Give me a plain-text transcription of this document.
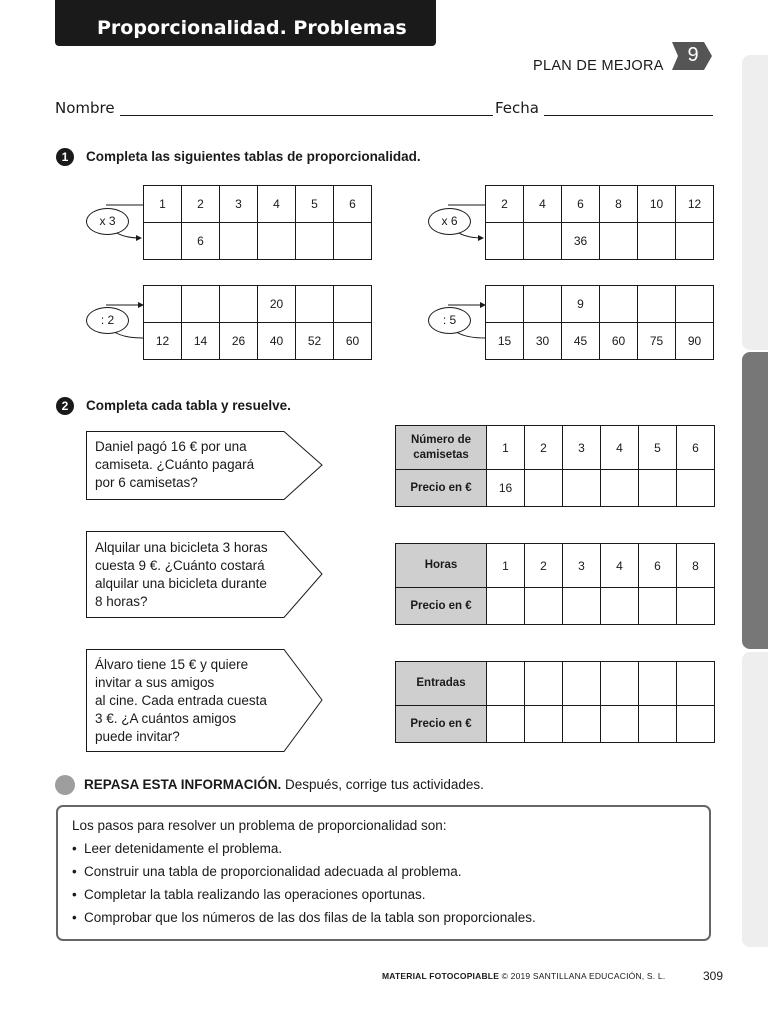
Proporcionalidad. Problemas
PLAN DE MEJORA	9
Nombre	Fecha
1	Completa las siguientes tablas de proporcionalidad.
x 3	x 6
: 2	: 5
1	2	3	4	5	6
	6				
2	4	6	8	10	12
		36			
			20		
12	14	26	40	52	60
		9			
15	30	45	60	75	90
2	Completa cada tabla y resuelve.
Daniel pagó 16 € por una
camiseta. ¿Cuánto pagará
por 6 camisetas?
Alquilar una bicicleta 3 horas
cuesta 9 €. ¿Cuánto costará
alquilar una bicicleta durante
8 horas?
Álvaro tiene 15 € y quiere
invitar a sus amigos
al cine. Cada entrada cuesta
3 €. ¿A cuántos amigos
puede invitar?
Número de
camisetas	1	2	3	4	5	6
Precio en €	16					
Horas	1	2	3	4	6	8
Precio en €						
Entradas						
Precio en €						
REPASA ESTA INFORMACIÓN. Después, corrige tus actividades.
Los pasos para resolver un problema de proporcionalidad son:
• Leer detenidamente el problema.
• Construir una tabla de proporcionalidad adecuada al problema.
• Completar la tabla realizando las operaciones oportunas.
• Comprobar que los números de las dos filas de la tabla son proporcionales.
MATERIAL FOTOCOPIABLE © 2019 SANTILLANA EDUCACIÓN, S. L.	309
